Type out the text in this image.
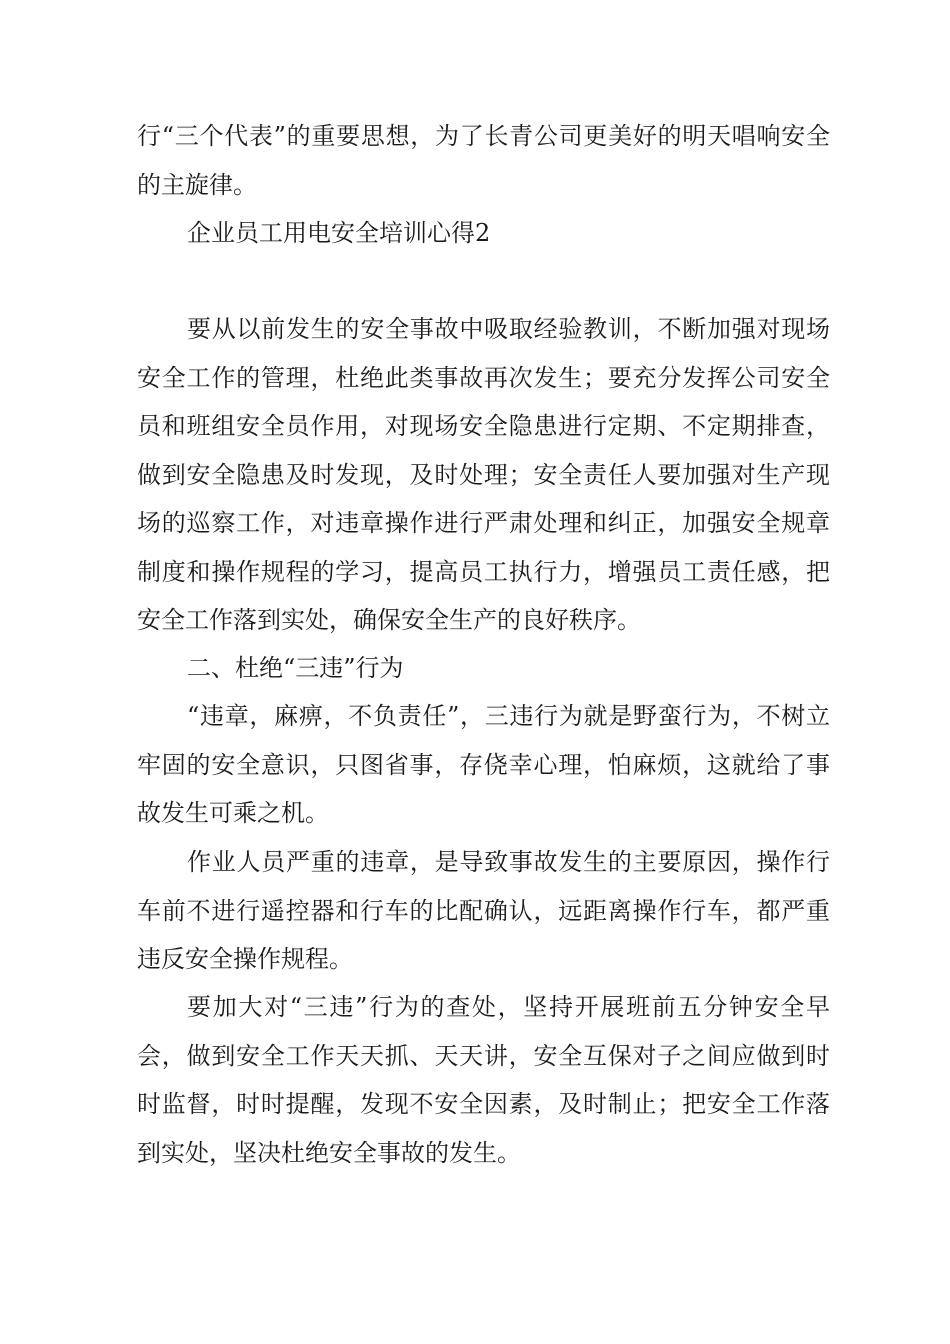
行“三个代表”的重要思想，为了长青公司更美好的明天唱响安全的主旋律。

企业员工用电安全培训心得2

要从以前发生的安全事故中吸取经验教训，不断加强对现场安全工作的管理，杜绝此类事故再次发生；要充分发挥公司安全员和班组安全员作用，对现场安全隐患进行定期、不定期排查，做到安全隐患及时发现，及时处理；安全责任人要加强对生产现场的巡察工作，对违章操作进行严肃处理和纠正，加强安全规章制度和操作规程的学习，提高员工执行力，增强员工责任感，把安全工作落到实处，确保安全生产的良好秩序。

二、杜绝“三违”行为

“违章，麻痹，不负责任”，三违行为就是野蛮行为，不树立牢固的安全意识，只图省事，存侥幸心理，怕麻烦，这就给了事故发生可乘之机。

作业人员严重的违章，是导致事故发生的主要原因，操作行车前不进行遥控器和行车的比配确认，远距离操作行车，都严重违反安全操作规程。

要加大对“三违”行为的查处，坚持开展班前五分钟安全早会，做到安全工作天天抓、天天讲，安全互保对子之间应做到时时监督，时时提醒，发现不安全因素，及时制止；把安全工作落到实处，坚决杜绝安全事故的发生。
